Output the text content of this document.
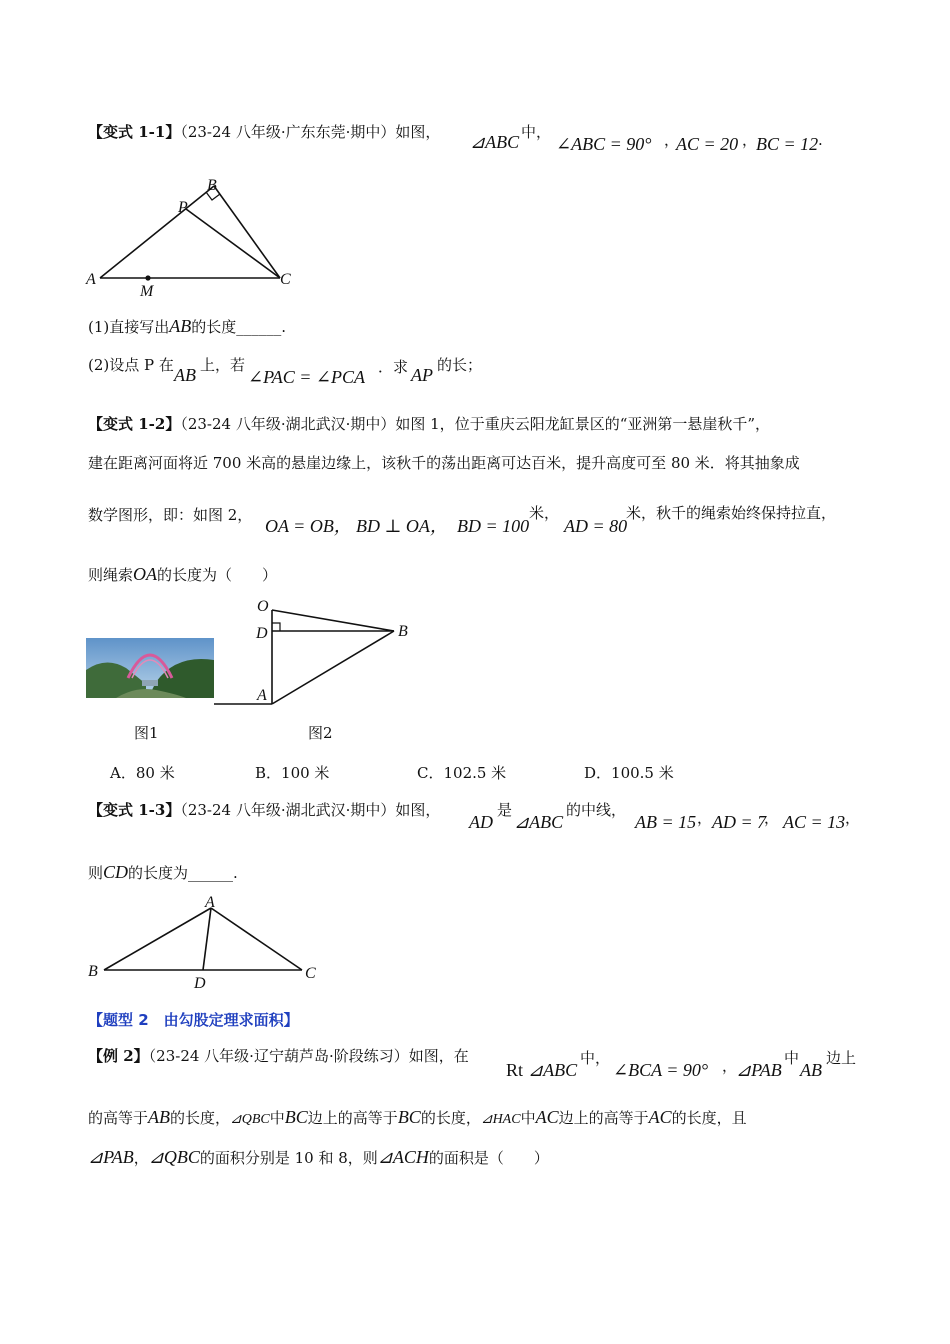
【变式 1-1】（23-24 八年级·广东东莞·期中）如图， ⊿ABC 中，
∠ABC = 90° ，
AC = 20 ，
BC = 12 .
B
P
A
M
C
(1)直接写出AB的长度______.
(2)设点 P 在 AB 上，若
∠PAC = ∠PCA ．求 AP 的长；
【变式 1-2】（23-24 八年级·湖北武汉·期中）如图 1，位于重庆云阳龙缸景区的“亚洲第一悬崖秋千”，
建在距离河面将近 700 米高的悬崖边缘上，该秋千的荡出距离可达百米，提升高度可至 80 米．将其抽象成
数学图形，即：如图 2，
OA = OB， BD ⊥ OA， BD = 100
米，
AD = 80
米，秋千的绳索始终保持拉直，
则绳索OA的长度为（　　）
O
D	B
A
图1	图2
A．80 米	B．100 米	C．102.5 米	D．100.5 米
【变式 1-3】（23-24 八年级·湖北武汉·期中）如图，
AD
是
⊿ABC
的中线，
AB = 15 ， AD = 7
， AC = 13 ，
则CD的长度为______.
A
B
D
C
【题型 2　由勾股定理求面积】
【例 2】（23-24 八年级·辽宁葫芦岛·阶段练习）如图，在
Rt ⊿ABC
中，
∠BCA = 90° ，
⊿PAB
中
AB
边上
的高等于AB的长度，⊿QBC中BC边上的高等于BC的长度，⊿HAC中AC边上的高等于AC的长度，且
⊿PAB，⊿QBC的面积分别是 10 和 8，则⊿ACH的面积是（　　）
